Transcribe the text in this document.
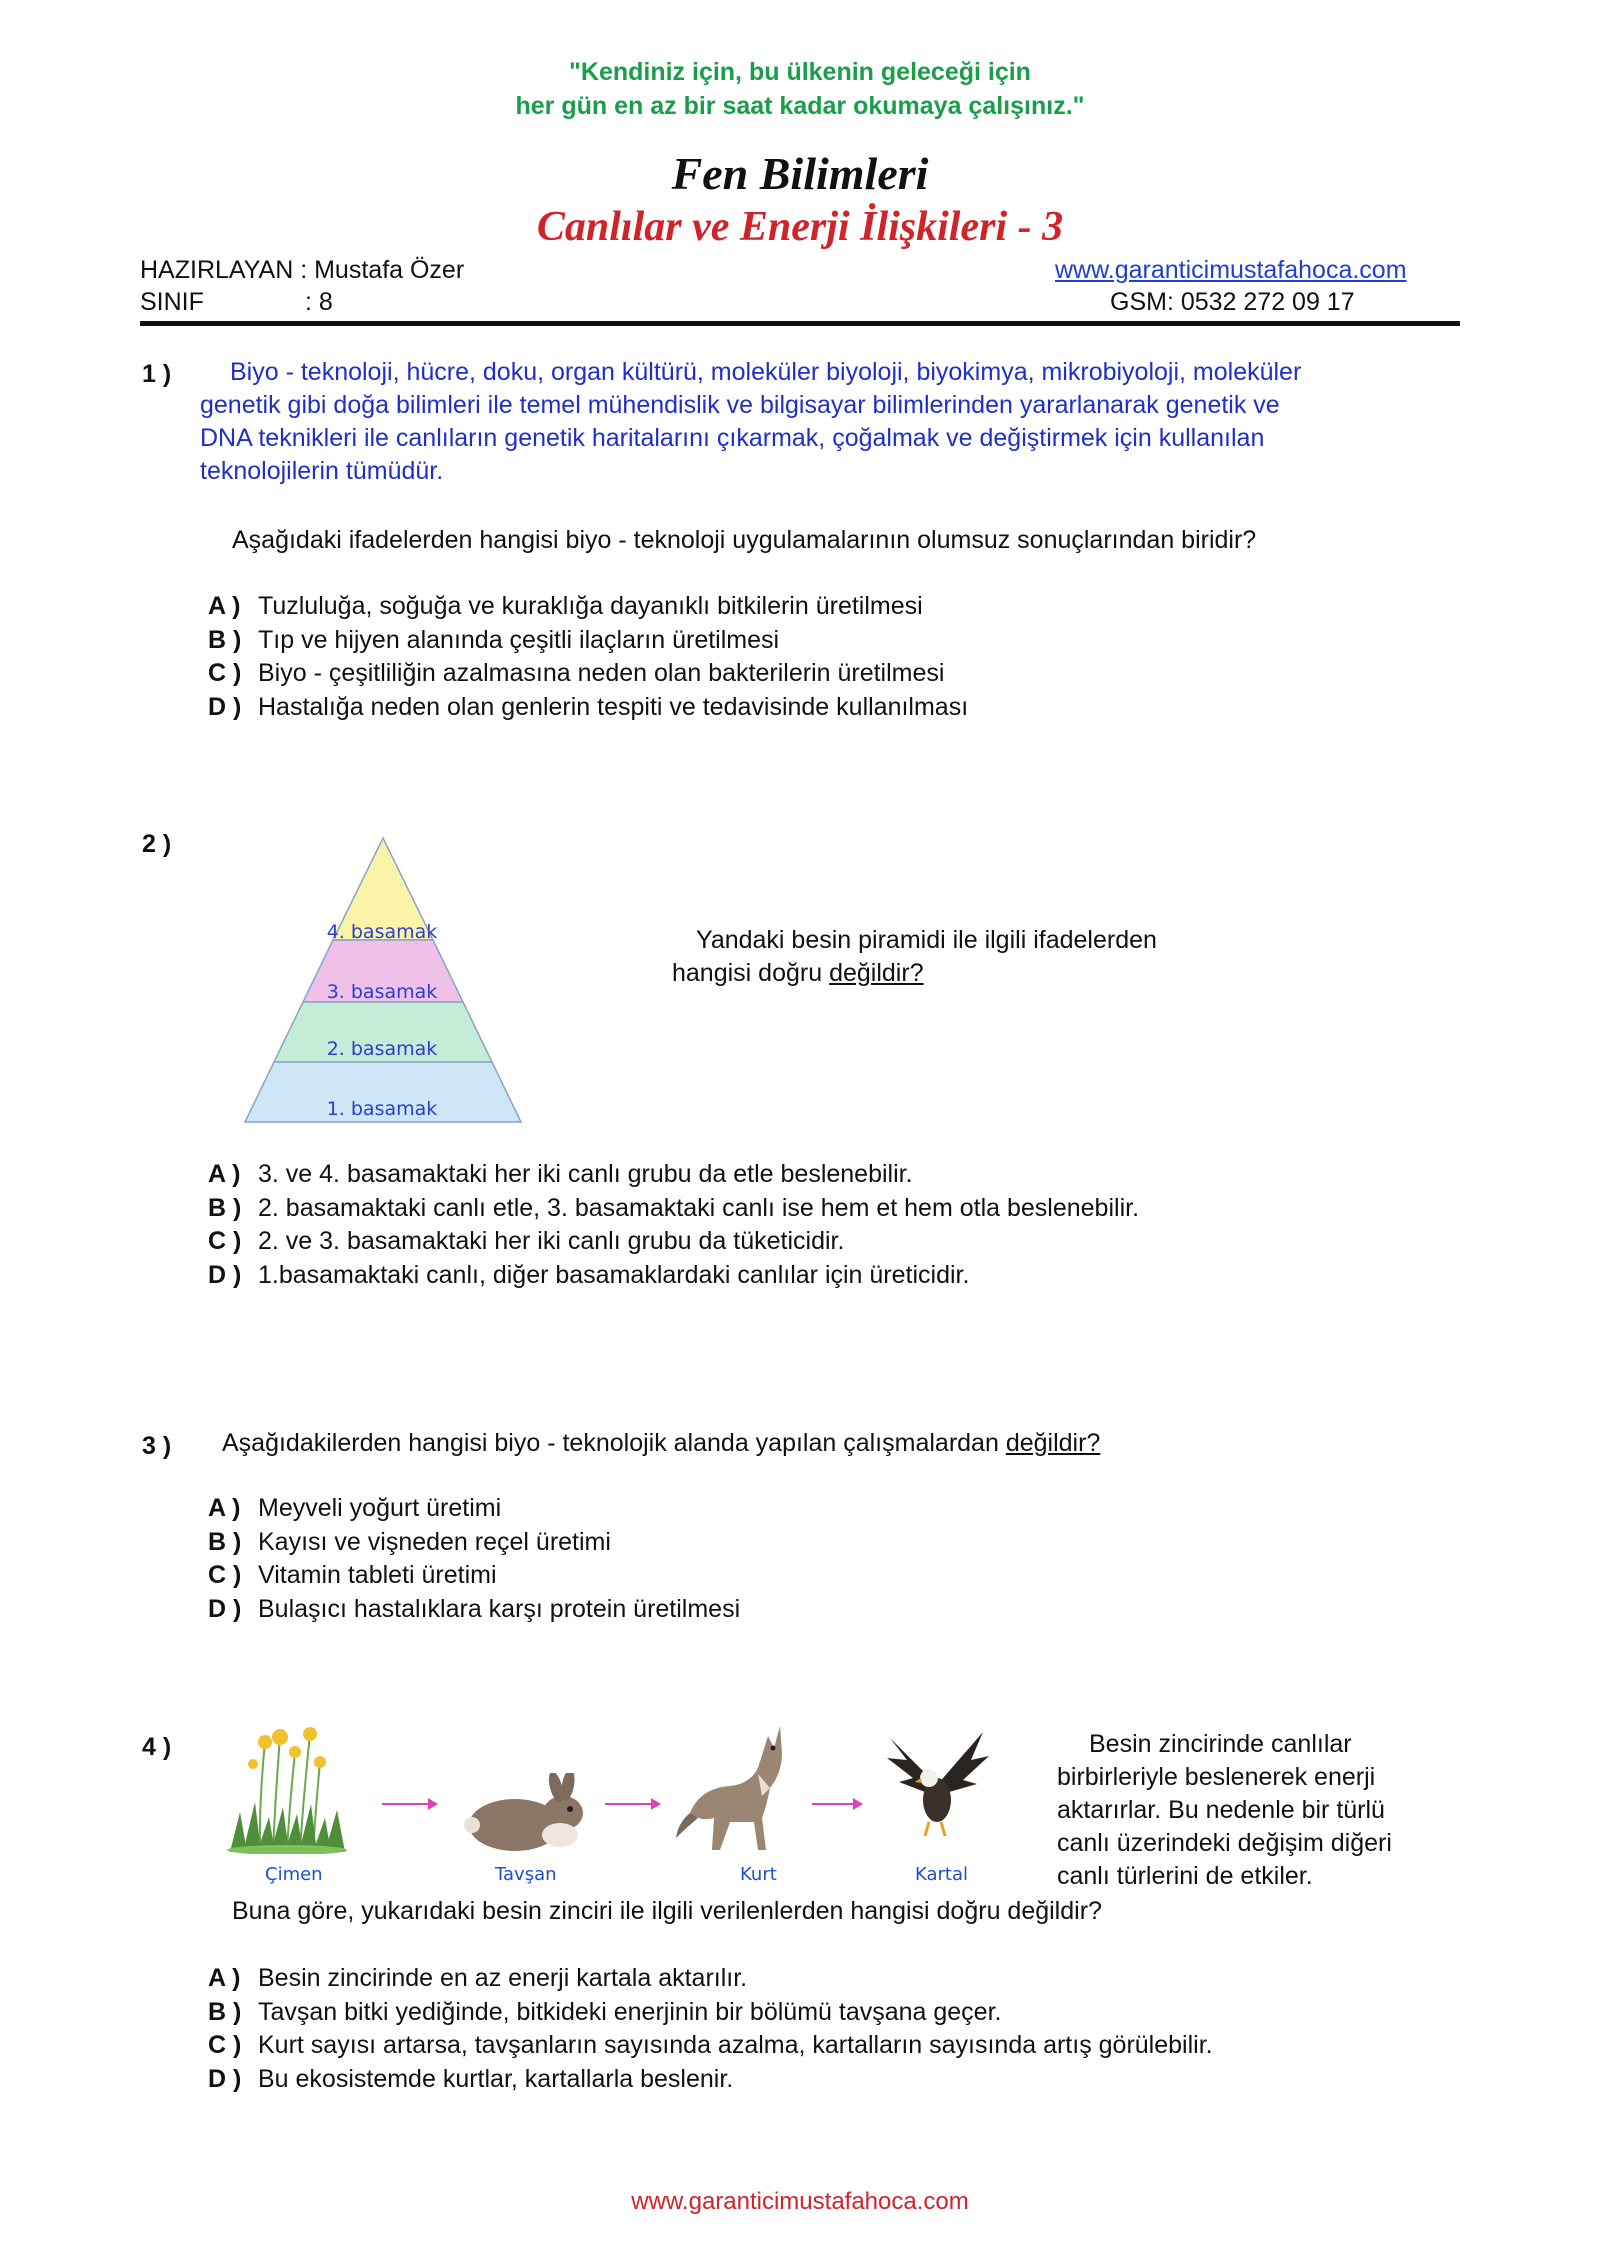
"Kendiniz için, bu ülkenin geleceği için
her gün en az bir saat kadar okumaya çalışınız."
Fen Bilimleri
Canlılar ve Enerji İlişkileri - 3
HAZIRLAYAN : Mustafa Özer	www.garanticimustafahoca.com
SINIF	: 8	GSM: 0532 272 09 17
1 )	Biyo - teknoloji, hücre, doku, organ kültürü, moleküler biyoloji, biyokimya, mikrobiyoloji, moleküler
genetik gibi doğa bilimleri ile temel mühendislik ve bilgisayar bilimlerinden yararlanarak genetik ve
DNA teknikleri ile canlıların genetik haritalarını çıkarmak, çoğalmak ve değiştirmek için kullanılan
teknolojilerin tümüdür.
Aşağıdaki ifadelerden hangisi biyo - teknoloji uygulamalarının olumsuz sonuçlarından biridir?
A ) Tuzluluğa, soğuğa ve kuraklığa dayanıklı bitkilerin üretilmesi
B ) Tıp ve hijyen alanında çeşitli ilaçların üretilmesi
C ) Biyo - çeşitliliğin azalmasına neden olan bakterilerin üretilmesi
D ) Hastalığa neden olan genlerin tespiti ve tedavisinde kullanılması
2 )
4. basamak
3. basamak
2. basamak
1. basamak
Yandaki besin piramidi ile ilgili ifadelerden
hangisi doğru değildir?
A ) 3. ve 4. basamaktaki her iki canlı grubu da etle beslenebilir.
B ) 2. basamaktaki canlı etle, 3. basamaktaki canlı ise hem et hem otla beslenebilir.
C ) 2. ve 3. basamaktaki her iki canlı grubu da tüketicidir.
D ) 1.basamaktaki canlı, diğer basamaklardaki canlılar için üreticidir.
3 ) Aşağıdakilerden hangisi biyo - teknolojik alanda yapılan çalışmalardan değildir?
A ) Meyveli yoğurt üretimi
B ) Kayısı ve vişneden reçel üretimi
C ) Vitamin tableti üretimi
D ) Bulaşıcı hastalıklara karşı protein üretilmesi
4 )
Çimen	Tavşan	Kurt	Kartal
Besin zincirinde canlılar
birbirleriyle beslenerek enerji
aktarırlar. Bu nedenle bir türlü
canlı üzerindeki değişim diğeri
canlı türlerini de etkiler.
Buna göre, yukarıdaki besin zinciri ile ilgili verilenlerden hangisi doğru değildir?
A ) Besin zincirinde en az enerji kartala aktarılır.
B ) Tavşan bitki yediğinde, bitkideki enerjinin bir bölümü tavşana geçer.
C ) Kurt sayısı artarsa, tavşanların sayısında azalma, kartalların sayısında artış görülebilir.
D ) Bu ekosistemde kurtlar, kartallarla beslenir.
www.garanticimustafahoca.com
